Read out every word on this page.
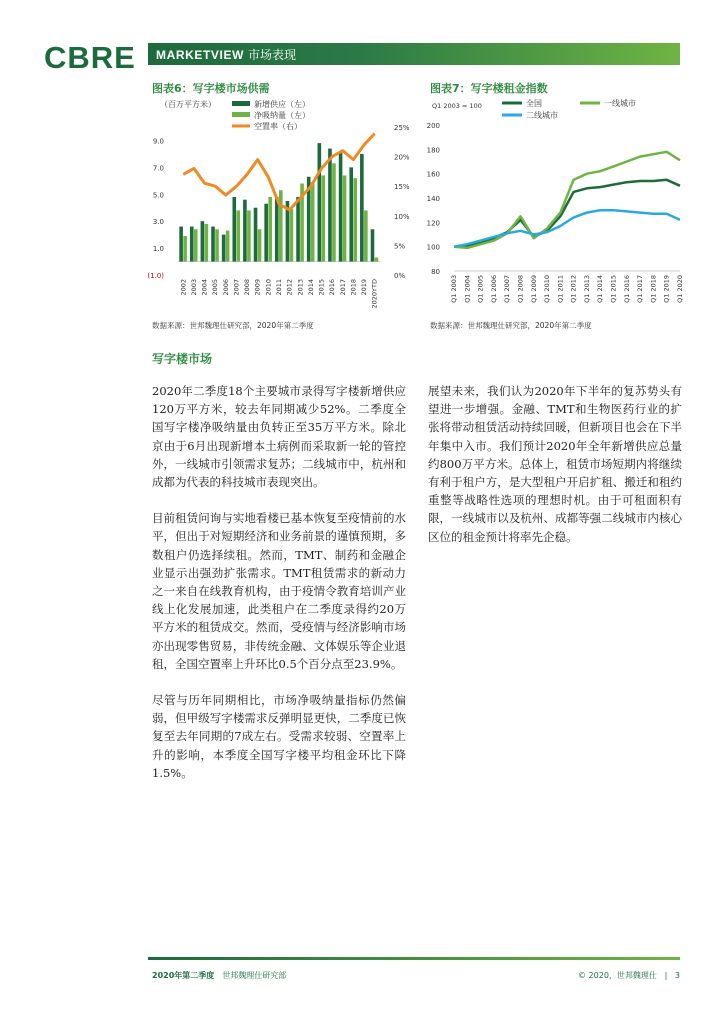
CBRE MARKETVIEW 市场表现
图表6：写字楼市场供需
（百万平方米）	新增供应（左）
净吸纳量（左）
空置率（右）
9.0
7.0
5.0
3.0
1.0
(1.0)
25%
20%
15%
10%
5%
0%
2002 2003 2004 2005 2006 2007 2008 2009 2010 2011 2012 2013 2014 2015 2016 2017 2018 2019 2020YTD
数据来源：世邦魏理仕研究部，2020年第二季度
图表7：写字楼租金指数
Q1 2003 = 100	全国	一线城市
二线城市
200
180
160
140
120
100
80
Q1 2003 Q1 2004 Q1 2005 Q1 2006 Q1 2007 Q1 2008 Q1 2009 Q1 2010 Q1 2011 Q1 2012 Q1 2013 Q1 2014 Q1 2015 Q1 2016 Q1 2017 Q1 2018 Q1 2019 Q1 2020
数据来源：世邦魏理仕研究部，2020年第二季度
写字楼市场

2020年二季度18个主要城市录得写字楼新增供应120万平方米，较去年同期减少52%。二季度全国写字楼净吸纳量由负转正至35万平方米。除北京由于6月出现新增本土病例而采取新一轮的管控外，一线城市引领需求复苏；二线城市中，杭州和成都为代表的科技城市表现突出。

目前租赁问询与实地看楼已基本恢复至疫情前的水平，但出于对短期经济和业务前景的谨慎预期，多数租户仍选择续租。然而，TMT、制药和金融企业显示出强劲扩张需求。TMT租赁需求的新动力之一来自在线教育机构，由于疫情令教育培训产业线上化发展加速，此类租户在二季度录得约20万平方米的租赁成交。然而，受疫情与经济影响市场亦出现零售贸易，非传统金融、文体娱乐等企业退租，全国空置率上升环比0.5个百分点至23.9%。

尽管与历年同期相比，市场净吸纳量指标仍然偏弱，但甲级写字楼需求反弹明显更快，二季度已恢复至去年同期的7成左右。受需求较弱、空置率上升的影响，本季度全国写字楼平均租金环比下降1.5%。

展望未来，我们认为2020年下半年的复苏势头有望进一步增强。金融、TMT和生物医药行业的扩张将带动租赁活动持续回暖，但新项目也会在下半年集中入市。我们预计2020年全年新增供应总量约800万平方米。总体上，租赁市场短期内将继续有利于租户方，是大型租户开启扩租、搬迁和租约重整等战略性选项的理想时机。由于可租面积有限，一线城市以及杭州、成都等强二线城市内核心区位的租金预计将率先企稳。

2020年第二季度 世邦魏理仕研究部	© 2020，世邦魏理仕 | 3
